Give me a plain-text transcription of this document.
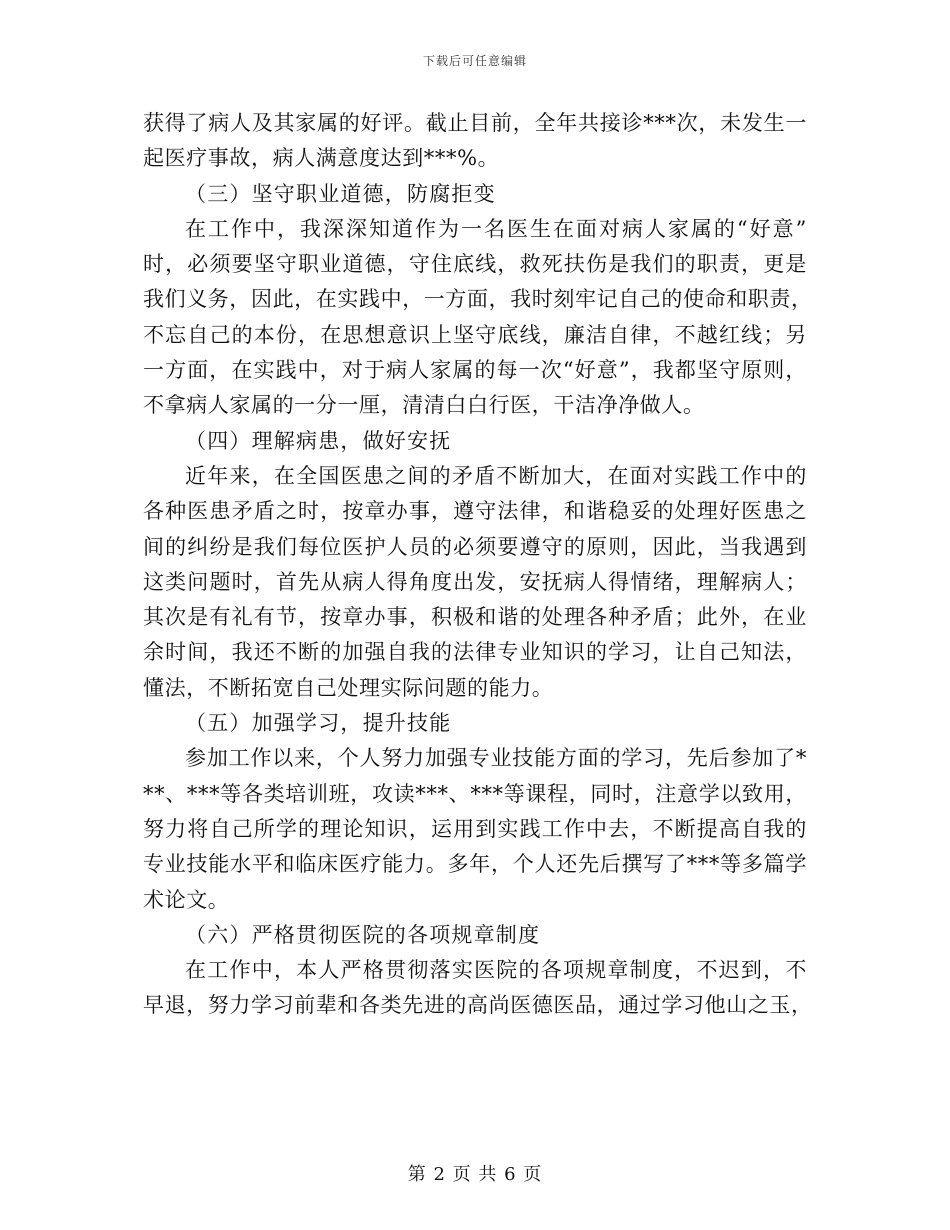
下载后可任意编辑
获得了病人及其家属的好评。截止目前，全年共接诊***次，未发生一
起医疗事故，病人满意度达到***%。
（三）坚守职业道德，防腐拒变
在工作中，我深深知道作为一名医生在面对病人家属的“好意”
时，必须要坚守职业道德，守住底线，救死扶伤是我们的职责，更是
我们义务，因此，在实践中，一方面，我时刻牢记自己的使命和职责，
不忘自己的本份，在思想意识上坚守底线，廉洁自律，不越红线；另
一方面，在实践中，对于病人家属的每一次“好意”，我都坚守原则，
不拿病人家属的一分一厘，清清白白行医，干洁净净做人。
（四）理解病患，做好安抚
近年来，在全国医患之间的矛盾不断加大，在面对实践工作中的
各种医患矛盾之时，按章办事，遵守法律，和谐稳妥的处理好医患之
间的纠纷是我们每位医护人员的必须要遵守的原则，因此，当我遇到
这类问题时，首先从病人得角度出发，安抚病人得情绪，理解病人；
其次是有礼有节，按章办事，积极和谐的处理各种矛盾；此外，在业
余时间，我还不断的加强自我的法律专业知识的学习，让自己知法，
懂法，不断拓宽自己处理实际问题的能力。
（五）加强学习，提升技能
参加工作以来，个人努力加强专业技能方面的学习，先后参加了*
**、***等各类培训班，攻读***、***等课程，同时，注意学以致用，
努力将自己所学的理论知识，运用到实践工作中去，不断提高自我的
专业技能水平和临床医疗能力。多年，个人还先后撰写了***等多篇学
术论文。
（六）严格贯彻医院的各项规章制度
在工作中，本人严格贯彻落实医院的各项规章制度，不迟到，不
早退，努力学习前辈和各类先进的高尚医德医品，通过学习他山之玉，
第 2 页 共 6 页
